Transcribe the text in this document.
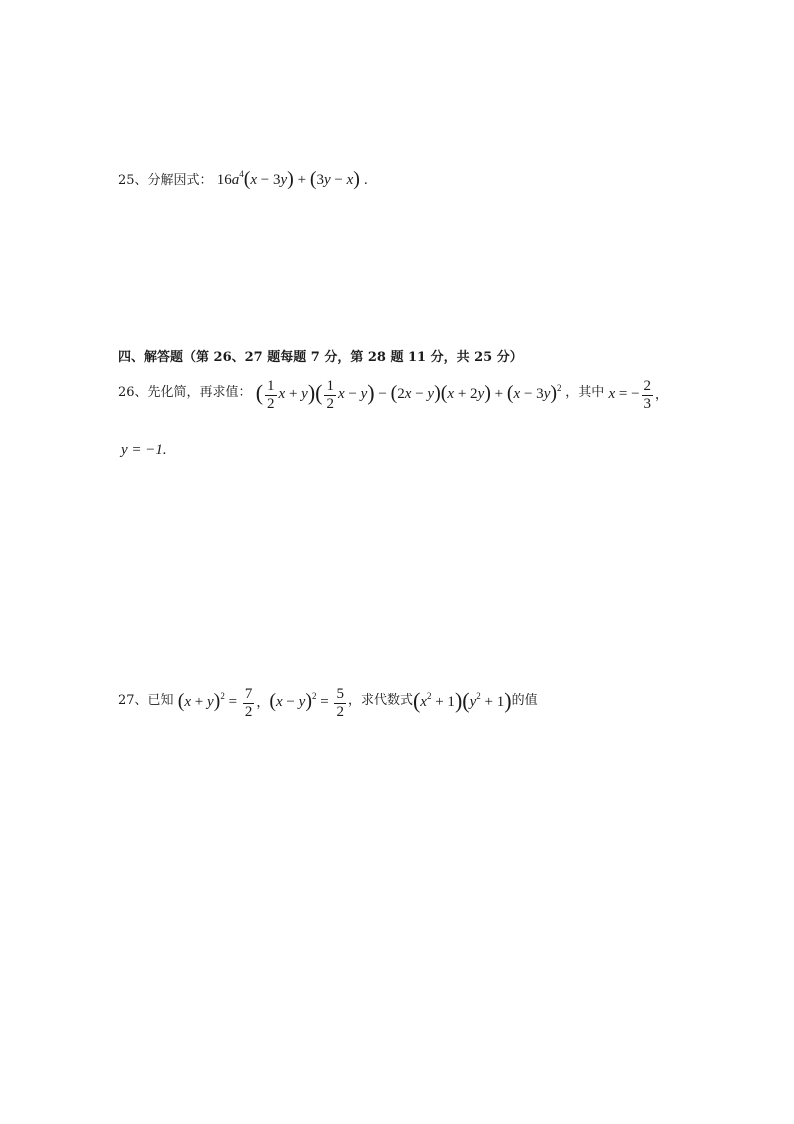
25、分解因式： $16a^4(x - 3y) + (3y - x)$ .
四、解答题（第 26、27 题每题 7 分，第 28 题 11 分，共 25 分）
26、先化简，再求值： ( $\frac{1}{2}$ $x + y)( \frac{1}{2}$ $x - y) - (2x - y)(x + 2y) + (x - 3y)^2$ ，其中 x = − $\frac{2}{3}$ ，
y = −1.
27、已知 $(x + y)^2 = \frac{7}{2}$ ，$(x - y)^2 = \frac{5}{2}$ ，求代数式$(x^2 + 1)(y^2 + 1)$的值
